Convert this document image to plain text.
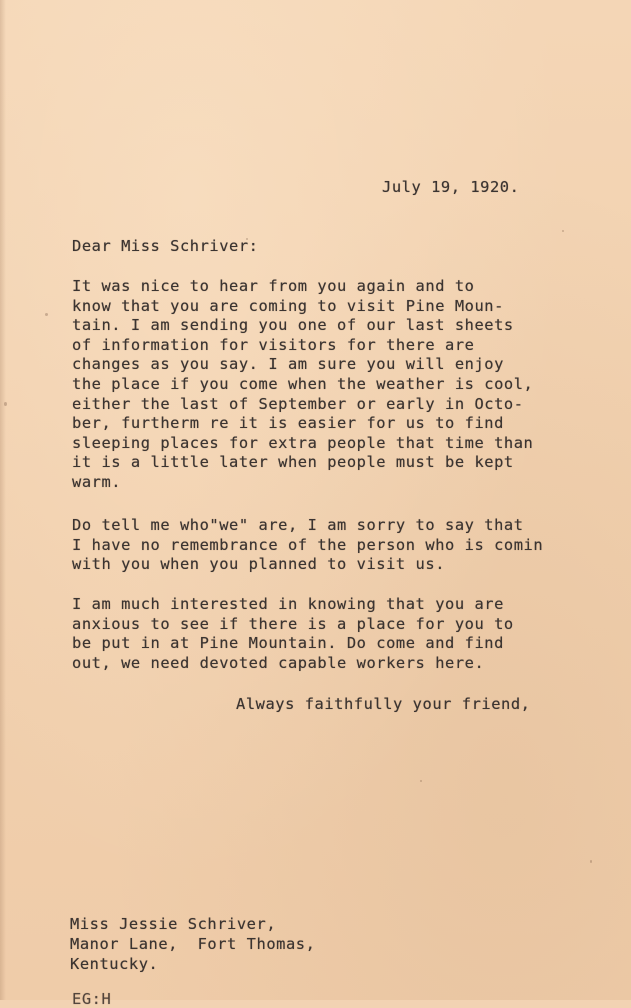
July 19, 1920.
Dear Miss Schriver:
It was nice to hear from you again and to
know that you are coming to visit Pine Moun-
tain. I am sending you one of our last sheets
of information for visitors for there are
changes as you say. I am sure you will enjoy
the place if you come when the weather is cool,
either the last of September or early in Octo-
ber, furtherm re it is easier for us to find
sleeping places for extra people that time than
it is a little later when people must be kept
warm.
Do tell me who"we" are, I am sorry to say that
I have no remembrance of the person who is comin
with you when you planned to visit us.
I am much interested in knowing that you are
anxious to see if there is a place for you to
be put in at Pine Mountain. Do come and find
out, we need devoted capable workers here.
Always faithfully your friend,
Miss Jessie Schriver,
Manor Lane,  Fort Thomas,
Kentucky.
EG:H
